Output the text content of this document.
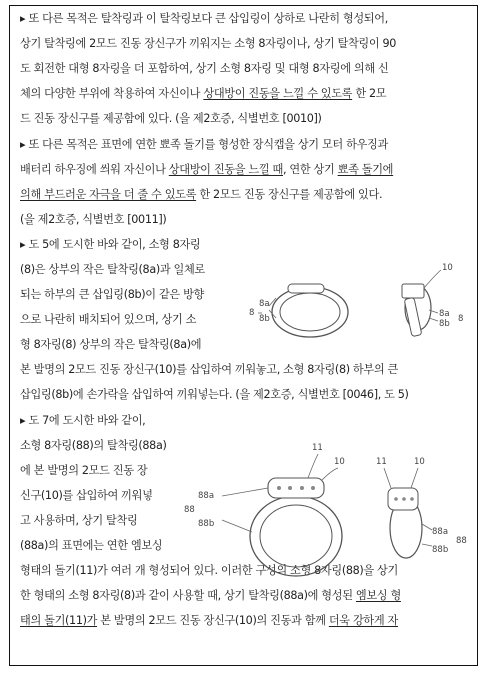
▸ 또 다른 목적은 탈착링과 이 탈착링보다 큰 삽입링이 상하로 나란히 형성되어,
상기 탈착링에 2모드 진동 장신구가 끼워지는 소형 8자링이나, 상기 탈착링이 90
도 회전한 대형 8자링을 더 포함하여, 상기 소형 8자링 및 대형 8자링에 의해 신
체의 다양한 부위에 착용하여 자신이나 상대방이 진동을 느낄 수 있도록 한 2모
드 진동 장신구를 제공함에 있다. (을 제2호증, 식별번호 [0010])
▸ 또 다른 목적은 표면에 연한 뾰족 돌기를 형성한 장식캡을 상기 모터 하우징과
배터리 하우징에 씌워 자신이나 상대방이 진동을 느낄 때, 연한 상기 뾰족 돌기에
의해 부드러운 자극을 더 줄 수 있도록 한 2모드 진동 장신구를 제공함에 있다.
(을 제2호증, 식별번호 [0011])
▸ 도 5에 도시한 바와 같이, 소형 8자링
(8)은 상부의 작은 탈착링(8a)과 일체로
되는 하부의 큰 삽입링(8b)이 같은 방향
으로 나란히 배치되어 있으며, 상기 소
형 8자링(8) 상부의 작은 탈착링(8a)에
본 발명의 2모드 진동 장신구(10)를 삽입하여 끼워놓고, 소형 8자링(8) 하부의 큰
삽입링(8b)에 손가락을 삽입하여 끼워넣는다. (을 제2호증, 식별번호 [0046], 도 5)
8a
8b
8
10
8a
8b 8
▸ 도 7에 도시한 바와 같이,
소형 8자링(88)의 탈착링(88a)
에 본 발명의 2모드 진동 장
신구(10)를 삽입하여 끼워넣
고 사용하며, 상기 탈착링
(88a)의 표면에는 연한 엠보싱
형태의 돌기(11)가 여러 개 형성되어 있다. 이러한 구성의 소형 8자링(88)을 상기
한 형태의 소형 8자링(8)과 같이 사용할 때, 상기 탈착링(88a)에 형성된 엠보싱 형
태의 돌기(11)가 본 발명의 2모드 진동 장신구(10)의 진동과 함께 더욱 강하게 자
88a
88b
88
11
10	11	10
88a
88b
88
